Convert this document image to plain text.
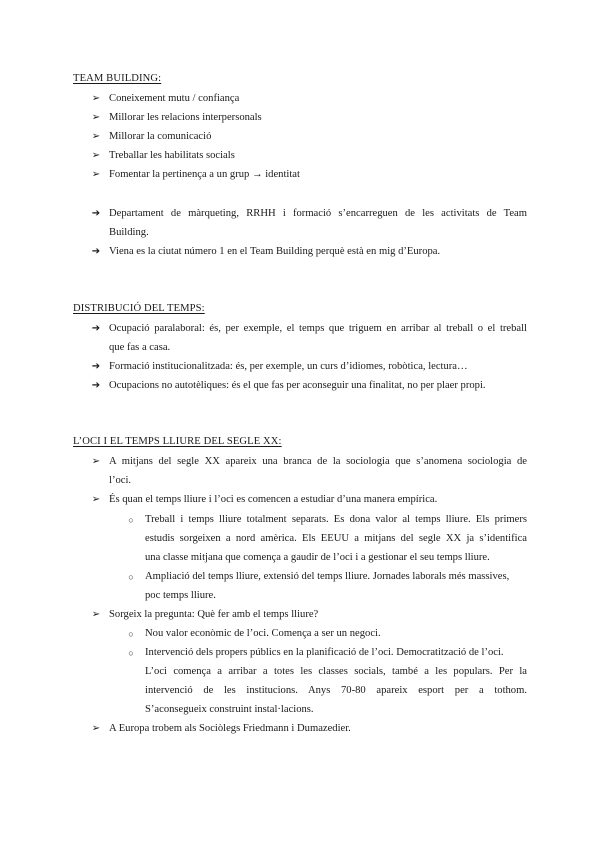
TEAM BUILDING:
➢ Coneixement mutu / confiança
➢ Millorar les relacions interpersonals
➢ Millorar la comunicació
➢ Treballar les habilitats socials
➢ Fomentar la pertinença a un grup → identitat
➔ Departament de màrqueting, RRHH i formació s’encarreguen de les activitats de Team
Building.
➔ Viena es la ciutat número 1 en el Team Building perquè està en mig d’Europa.
DISTRIBUCIÓ DEL TEMPS:
➔ Ocupació paralaboral: és, per exemple, el temps que triguem en arribar al treball o el treball
que fas a casa.
➔ Formació institucionalitzada: és, per exemple, un curs d’idiomes, robòtica, lectura…
➔ Ocupacions no autotèliques: és el que fas per aconseguir una finalitat, no per plaer propi.
L’OCI I EL TEMPS LLIURE DEL SEGLE XX:
➢ A mitjans del segle XX apareix una branca de la sociologia que s’anomena sociologia de
l’oci.
➢ És quan el temps lliure i l’oci es comencen a estudiar d’una manera empírica.
○	Treball i temps lliure totalment separats. Es dona valor al temps lliure. Els primers
estudis sorgeixen a nord amèrica. Els EEUU a mitjans del segle XX ja s’identifica
una classe mitjana que comença a gaudir de l’oci i a gestionar el seu temps lliure.
○	Ampliació del temps lliure, extensió del temps lliure. Jornades laborals més massives,
poc temps lliure.
➢ Sorgeix la pregunta: Què fer amb el temps lliure?
○	Nou valor econòmic de l’oci. Comença a ser un negoci.
○	Intervenció dels propers públics en la planificació de l’oci. Democratització de l’oci.
L’oci comença a arribar a totes les classes socials, també a les populars. Per la
intervenció de les institucions. Anys 70-80 apareix esport per a tothom.
S’aconsegueix construint instal·lacions.
➢ A Europa trobem als Sociòlegs Friedmann i Dumazedier.
